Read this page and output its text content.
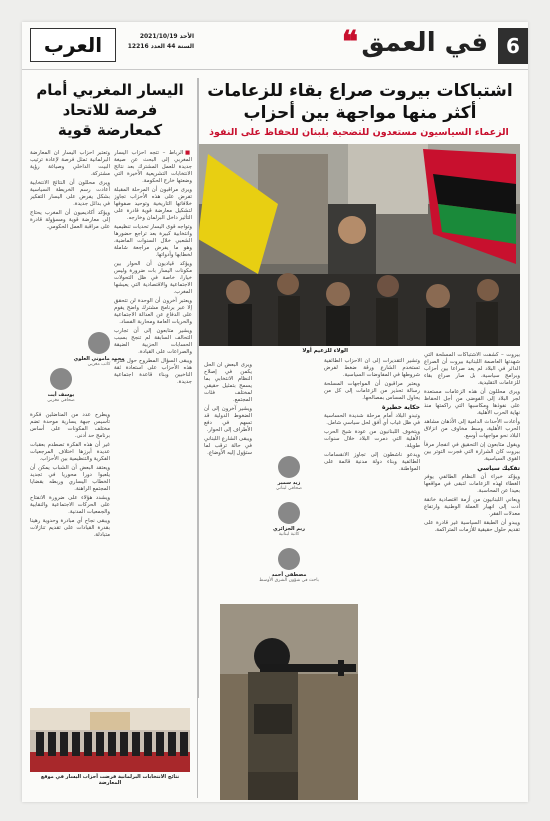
6
في العمق
❝
الأحد 2021/10/19
السنة 44 العدد 12216
العرب
اشتباكات بيروت صراع بقاء للزعامات أكثر منها مواجهة بين أحزاب
الزعماء السياسيون مستعدون للتضحية بلبنان للحفاظ على النفوذ
الولاء للزعيم أولا
اليسار المغربي أمام فرصة للاتحاد كمعارضة قوية

■ الرباط – تتجه أحزاب اليسار المغربي إلى البحث عن صيغة جديدة للعمل المشترك بعد نتائج الانتخابات التشريعية الأخيرة التي وضعتها خارج الحكومة.

ويرى مراقبون أن المرحلة المقبلة تفرض على هذه الأحزاب تجاوز خلافاتها التاريخية وتوحيد صفوفها لتشكيل معارضة قوية قادرة على التأثير داخل البرلمان وخارجه.

وتواجه قوى اليسار تحديات تنظيمية وانتخابية كبيرة بعد تراجع حضورها الشعبي خلال السنوات الماضية، وهو ما يفرض مراجعة شاملة لخطابها وأدواتها.

ويؤكد قياديون أن الحوار بين مكونات اليسار بات ضرورة وليس خيارا، خاصة في ظل التحولات الاجتماعية والاقتصادية التي يعيشها المغرب.

ويعتبر آخرون أن الوحدة لن تتحقق إلا عبر برنامج مشترك واضح يقوم على الدفاع عن العدالة الاجتماعية والحريات العامة ومحاربة الفساد.

ويشير متابعون إلى أن تجارب التحالف السابقة لم تنجح بسبب الحسابات الحزبية الضيقة والصراعات على القيادة.

ويبقى السؤال المطروح حول قدرة هذه الأحزاب على استعادة ثقة الناخبين وبناء قاعدة اجتماعية جديدة.

وتعتبر أحزاب اليسار أن المعارضة البرلمانية تمثل فرصة لإعادة ترتيب البيت الداخلي وصياغة رؤية مشتركة.

ويرى محللون أن النتائج الانتخابية أعادت رسم الخريطة السياسية بشكل يفرض على اليسار التفكير في بدائل جديدة.

ويؤكد أكاديميون أن المغرب يحتاج إلى معارضة قوية ومسؤولة قادرة على مراقبة العمل الحكومي.

محمد ماموني العلوي
كاتب مغربي
يوسف أيت
صحافي مغربي

ويطرح عدد من المناضلين فكرة تأسيس جبهة يسارية موحدة تضم مختلف المكونات على أساس برنامج حد أدنى.

غير أن هذه الفكرة تصطدم بعقبات عديدة أبرزها اختلاف المرجعيات الفكرية والتنظيمية بين الأحزاب.

ويعتقد البعض أن الشباب يمكن أن يلعبوا دورا محوريا في تجديد الخطاب اليساري وربطه بقضايا المجتمع الراهنة.

ويشدد هؤلاء على ضرورة الانفتاح على الحركات الاجتماعية والنقابية والجمعيات المدنية.

ويبقى نجاح أي مبادرة وحدوية رهينا بقدرة القيادات على تقديم تنازلات متبادلة.

نتائج الانتخابات البرلمانية فرضت أحزاب اليسار في موقع المعارضة

بيروت – كشفت الاشتباكات المسلحة التي شهدتها العاصمة اللبنانية بيروت أن الصراع الدائر في البلاد لم يعد صراعا بين أحزاب وبرامج سياسية، بل صار صراع بقاء للزعامات التقليدية.

ويرى محللون أن هذه الزعامات مستعدة لجر البلاد إلى الفوضى من أجل الحفاظ على نفوذها ومكاسبها التي راكمتها منذ نهاية الحرب الأهلية.

وأعادت الأحداث الدامية إلى الأذهان مشاهد الحرب الأهلية، وسط مخاوف من انزلاق البلاد نحو مواجهات أوسع.

ويقول متابعون إن التحقيق في انفجار مرفأ بيروت كان الشرارة التي فجرت التوتر بين القوى السياسية.

تفكيك سياسي

ويؤكد خبراء أن النظام الطائفي يوفر الغطاء لهذه الزعامات لتبقى في مواقعها بعيدا عن المحاسبة.

ويعاني اللبنانيون من أزمة اقتصادية خانقة أدت إلى انهيار العملة الوطنية وارتفاع معدلات الفقر.

ويبدو أن الطبقة السياسية غير قادرة على تقديم حلول حقيقية للأزمات المتراكمة.

وتشير التقديرات إلى أن الأحزاب الطائفية تستخدم الشارع ورقة ضغط لفرض شروطها في المفاوضات السياسية.

ويعتبر مراقبون أن المواجهات المسلحة رسالة تحذير من الزعامات إلى كل من يحاول المساس بمصالحها.

حكاية خطيرة

وتبدو البلاد أمام مرحلة شديدة الحساسية في ظل غياب أي أفق لحل سياسي شامل.

ويتخوف اللبنانيون من عودة شبح الحرب الأهلية التي دمرت البلاد خلال سنوات طويلة.

ويدعو ناشطون إلى تجاوز الانقسامات الطائفية وبناء دولة مدنية قائمة على المواطنة.

ويرى البعض أن الحل يكمن في إصلاح النظام الانتخابي بما يسمح بتمثيل حقيقي لمختلف فئات المجتمع.

ويشير آخرون إلى أن الضغوط الدولية قد تسهم في دفع الأطراف إلى الحوار.

ويبقى الشارع اللبناني في حالة ترقب لما ستؤول إليه الأوضاع.

زيد سمير
صحافي لبناني
ريم الجزائري
كاتبة لبنانية
مصطفى أحمد
باحث في شؤون الشرق الأوسط
